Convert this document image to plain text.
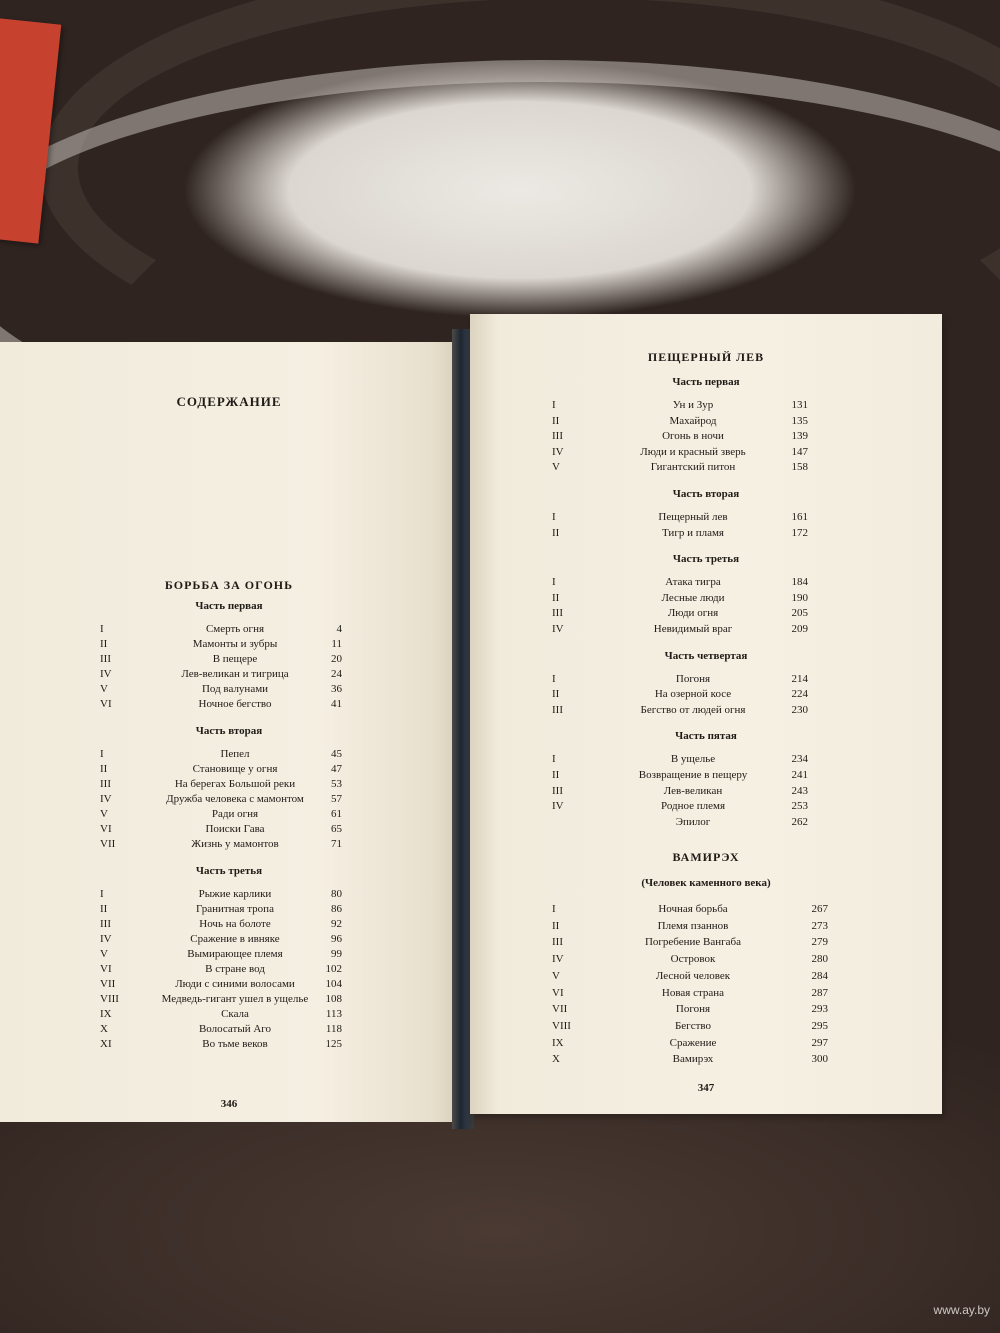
СОДЕРЖАНИЕ
БОРЬБА ЗА ОГОНЬ
Часть первая
I	Смерть огня	4
II	Мамонты и зубры	11
III	В пещере	20
IV	Лев-великан и тигрица	24
V	Под валунами	36
VI	Ночное бегство	41
Часть вторая
I	Пепел	45
II	Становище у огня	47
III	На берегах Большой реки	53
IV	Дружба человека с мамонтом	57
V	Ради огня	61
VI	Поиски Гава	65
VII	Жизнь у мамонтов	71
Часть третья
I	Рыжие карлики	80
II	Гранитная тропа	86
III	Ночь на болоте	92
IV	Сражение в ивняке	96
V	Вымирающее племя	99
VI	В стране вод	102
VII	Люди с синими волосами	104
VIII	Медведь-гигант ушел в ущелье	108
IX	Скала	113
X	Волосатый Аго	118
XI	Во тьме веков	125
346
ПЕЩЕРНЫЙ ЛЕВ
Часть первая
I	Ун и Зур	131
II	Махайрод	135
III	Огонь в ночи	139
IV	Люди и красный зверь	147
V	Гигантский питон	158
Часть вторая
I	Пещерный лев	161
II	Тигр и пламя	172
Часть третья
I	Атака тигра	184
II	Лесные люди	190
III	Люди огня	205
IV	Невидимый враг	209
Часть четвертая
I	Погоня	214
II	На озерной косе	224
III	Бегство от людей огня	230
Часть пятая
I	В ущелье	234
II	Возвращение в пещеру	241
III	Лев-великан	243
IV	Родное племя	253
Эпилог	262
ВАМИРЭХ
(Человек каменного века)
I	Ночная борьба	267
II	Племя пзаннов	273
III	Погребение Вангаба	279
IV	Островок	280
V	Лесной человек	284
VI	Новая страна	287
VII	Погоня	293
VIII	Бегство	295
IX	Сражение	297
X	Вамирэх	300
347
www.ay.by
